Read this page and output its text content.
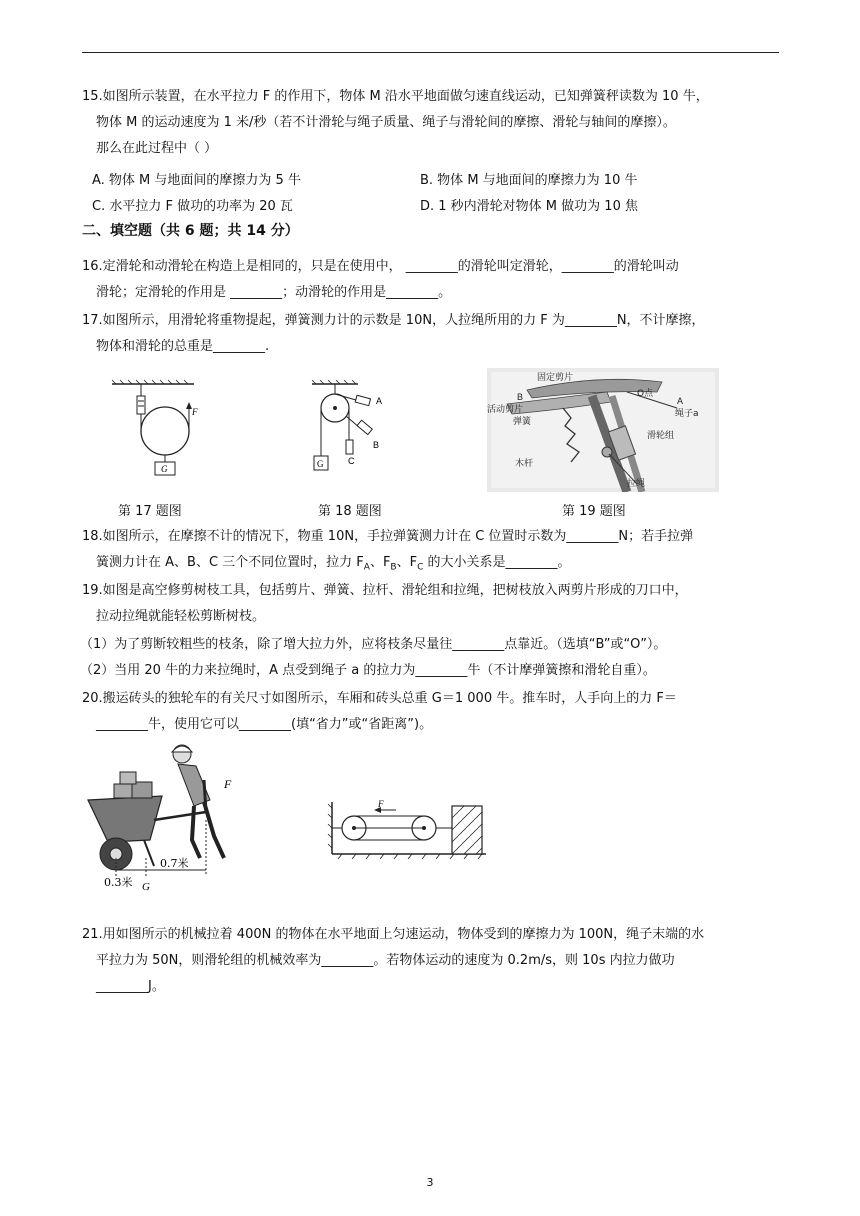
15.如图所示装置，在水平拉力 F 的作用下，物体 M 沿水平地面做匀速直线运动，已知弹簧秤读数为 10 牛，
物体 M 的运动速度为 1 米/秒（若不计滑轮与绳子质量、绳子与滑轮间的摩擦、滑轮与轴间的摩擦）。
那么在此过程中（ ）
A. 物体 M 与地面间的摩擦力为 5 牛	B. 物体 M 与地面间的摩擦力为 10 牛
C. 水平拉力 F 做功的功率为 20 瓦	D. 1 秒内滑轮对物体 M 做功为 10 焦
二、填空题（共 6 题；共 14 分）
16.定滑轮和动滑轮在构造上是相同的，只是在使用中， ________的滑轮叫定滑轮，________的滑轮叫动
滑轮；定滑轮的作用是 ________；动滑轮的作用是________。
17.如图所示，用滑轮将重物提起，弹簧测力计的示数是 10N，人拉绳所用的力 F 为________N，不计摩擦，
物体和滑轮的总重是________.
F
G	G	C
A
B
固定剪片
B	O点
A
活动剪片
弹簧
绳子a
滑轮组
木杆
拉绳
第 17 题图	第 18 题图	第 19 题图
18.如图所示，在摩擦不计的情况下，物重 10N，手拉弹簧测力计在 C 位置时示数为________N；若手拉弹
簧测力计在 A、B、C 三个不同位置时，拉力 $F_A$、$F_B$、$F_C$ 的大小关系是________。
19.如图是高空修剪树枝工具，包括剪片、弹簧、拉杆、滑轮组和拉绳，把树枝放入两剪片形成的刀口中，
拉动拉绳就能轻松剪断树枝。
（1）为了剪断较粗些的枝条，除了增大拉力外，应将枝条尽量往________点靠近。（选填“B”或“O”）。
（2）当用 20 牛的力来拉绳时，A 点受到绳子 a 的拉力为________牛（不计摩弹簧擦和滑轮自重）。
20.搬运砖头的独轮车的有关尺寸如图所示，车厢和砖头总重 G＝1 000 牛。推车时，人手向上的力 F＝
________牛，使用它可以________(填“省力”或“省距离”)。
F
0.3米
0.7米
G
F
21.用如图所示的机械拉着 400N 的物体在水平地面上匀速运动，物体受到的摩擦力为 100N，绳子末端的水
平拉力为 50N，则滑轮组的机械效率为________。若物体运动的速度为 0.2m/s，则 10s 内拉力做功
________J。
3
